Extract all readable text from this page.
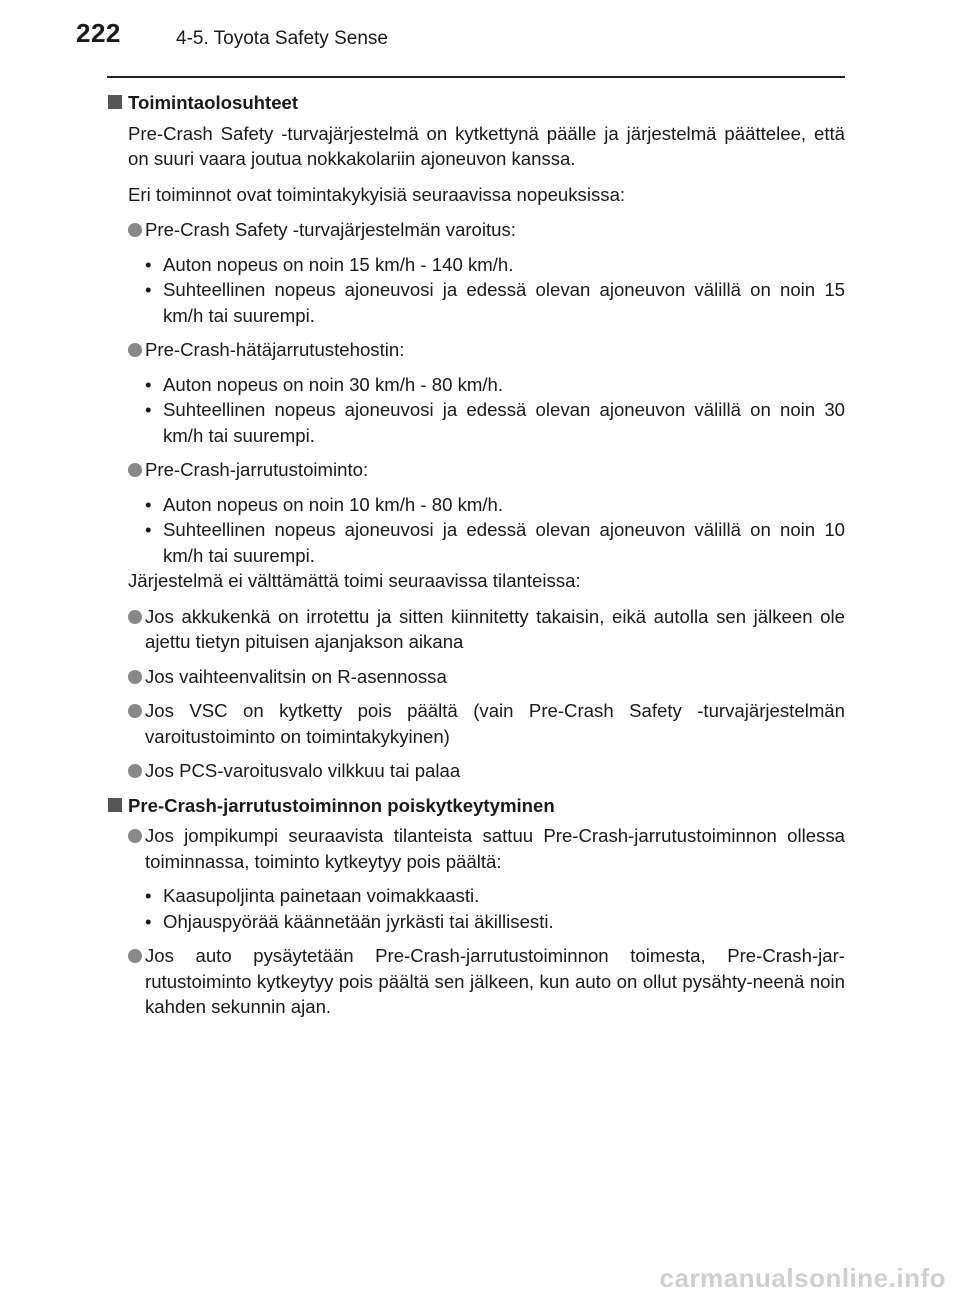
222	4-5. Toyota Safety Sense
Toimintaolosuhteet

Pre-Crash Safety -turvajärjestelmä on kytkettynä päälle ja järjestelmä päättelee, että on suuri vaara joutua nokkakolariin ajoneuvon kanssa.

Eri toiminnot ovat toimintakykyisiä seuraavissa nopeuksissa:

Pre-Crash Safety -turvajärjestelmän varoitus:
• Auton nopeus on noin 15 km/h - 140 km/h.
• Suhteellinen nopeus ajoneuvosi ja edessä olevan ajoneuvon välillä on noin 15 km/h tai suurempi.
Pre-Crash-hätäjarrutustehostin:
• Auton nopeus on noin 30 km/h - 80 km/h.
• Suhteellinen nopeus ajoneuvosi ja edessä olevan ajoneuvon välillä on noin 30 km/h tai suurempi.
Pre-Crash-jarrutustoiminto:
• Auton nopeus on noin 10 km/h - 80 km/h.
• Suhteellinen nopeus ajoneuvosi ja edessä olevan ajoneuvon välillä on noin 10 km/h tai suurempi.

Järjestelmä ei välttämättä toimi seuraavissa tilanteissa:

Jos akkukenkä on irrotettu ja sitten kiinnitetty takaisin, eikä autolla sen jälkeen ole ajettu tietyn pituisen ajanjakson aikana
Jos vaihteenvalitsin on R-asennossa
Jos VSC on kytketty pois päältä (vain Pre-Crash Safety -turvajärjestelmän varoitustoiminto on toimintakykyinen)
Jos PCS-varoitusvalo vilkkuu tai palaa
Pre-Crash-jarrutustoiminnon poiskytkeytyminen
Jos jompikumpi seuraavista tilanteista sattuu Pre-Crash-jarrutustoiminnon ollessa toiminnassa, toiminto kytkeytyy pois päältä:
• Kaasupoljinta painetaan voimakkaasti.
• Ohjauspyörää käännetään jyrkästi tai äkillisesti.
Jos auto pysäytetään Pre-Crash-jarrutustoiminnon toimesta, Pre-Crash-jar-rutustoiminto kytkeytyy pois päältä sen jälkeen, kun auto on ollut pysähty-neenä noin kahden sekunnin ajan.
carmanualsonline.info
